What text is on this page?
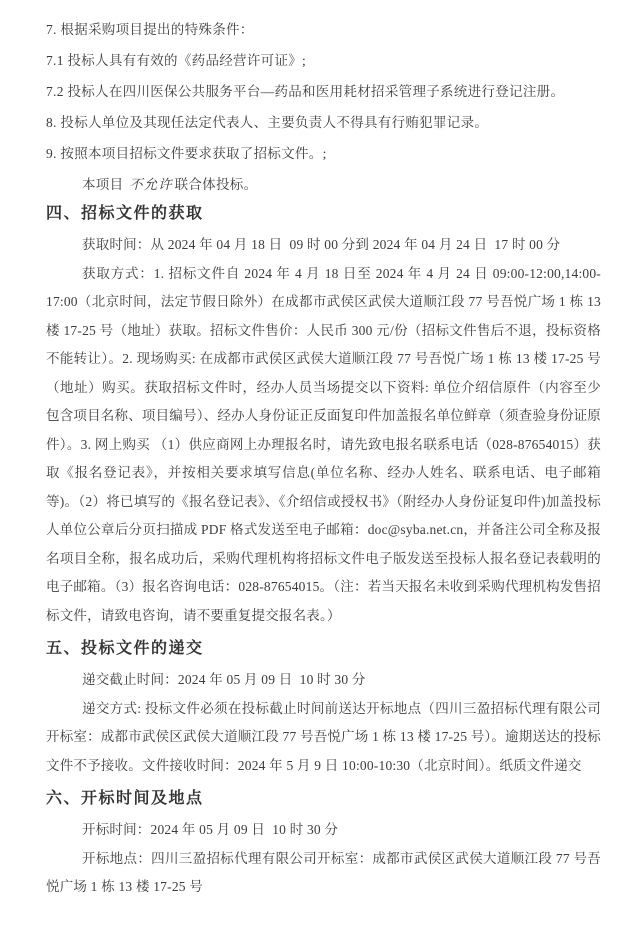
7. 根据采购项目提出的特殊条件：

7.1 投标人具有有效的《药品经营许可证》;

7.2 投标人在四川医保公共服务平台—药品和医用耗材招采管理子系统进行登记注册。

8. 投标人单位及其现任法定代表人、主要负责人不得具有行贿犯罪记录。

9. 按照本项目招标文件要求获取了招标文件。;

本项目 不允许 联合体投标。

四、招标文件的获取

获取时间：从 2024 年 04 月 18 日  09 时 00 分到 2024 年 04 月 24 日  17 时 00 分

获取方式：1. 招标文件自 2024 年 4 月 18 日至 2024 年 4 月 24 日 09:00-12:00,14:00-17:00（北京时间，法定节假日除外）在成都市武侯区武侯大道顺江段 77 号吾悦广场 1 栋 13 楼 17-25 号（地址）获取。招标文件售价：人民币 300 元/份（招标文件售后不退，投标资格不能转让）。2. 现场购买: 在成都市武侯区武侯大道顺江段 77 号吾悦广场 1 栋 13 楼 17-25 号（地址）购买。获取招标文件时，经办人员当场提交以下资料: 单位介绍信原件（内容至少包含项目名称、项目编号）、经办人身份证正反面复印件加盖报名单位鲜章（须查验身份证原件）。3. 网上购买 （1）供应商网上办理报名时，请先致电报名联系电话（028-87654015）获取《报名登记表》，并按相关要求填写信息(单位名称、经办人姓名、联系电话、电子邮箱等)。（2）将已填写的《报名登记表》、《介绍信或授权书》（附经办人身份证复印件)加盖投标人单位公章后分页扫描成 PDF 格式发送至电子邮箱：doc@syba.net.cn，并备注公司全称及报名项目全称，报名成功后，采购代理机构将招标文件电子版发送至投标人报名登记表载明的电子邮箱。（3）报名咨询电话：028-87654015。（注：若当天报名未收到采购代理机构发售招标文件，请致电咨询，请不要重复提交报名表。）

五、投标文件的递交

递交截止时间：2024 年 05 月 09 日  10 时 30 分

递交方式: 投标文件必须在投标截止时间前送达开标地点（四川三盈招标代理有限公司开标室：成都市武侯区武侯大道顺江段 77 号吾悦广场 1 栋 13 楼 17-25 号）。逾期送达的投标文件不予接收。文件接收时间：2024 年 5 月 9 日 10:00-10:30（北京时间）。纸质文件递交

六、开标时间及地点

开标时间：2024 年 05 月 09 日  10 时 30 分

开标地点：四川三盈招标代理有限公司开标室：成都市武侯区武侯大道顺江段 77 号吾悦广场 1 栋 13 楼 17-25 号
